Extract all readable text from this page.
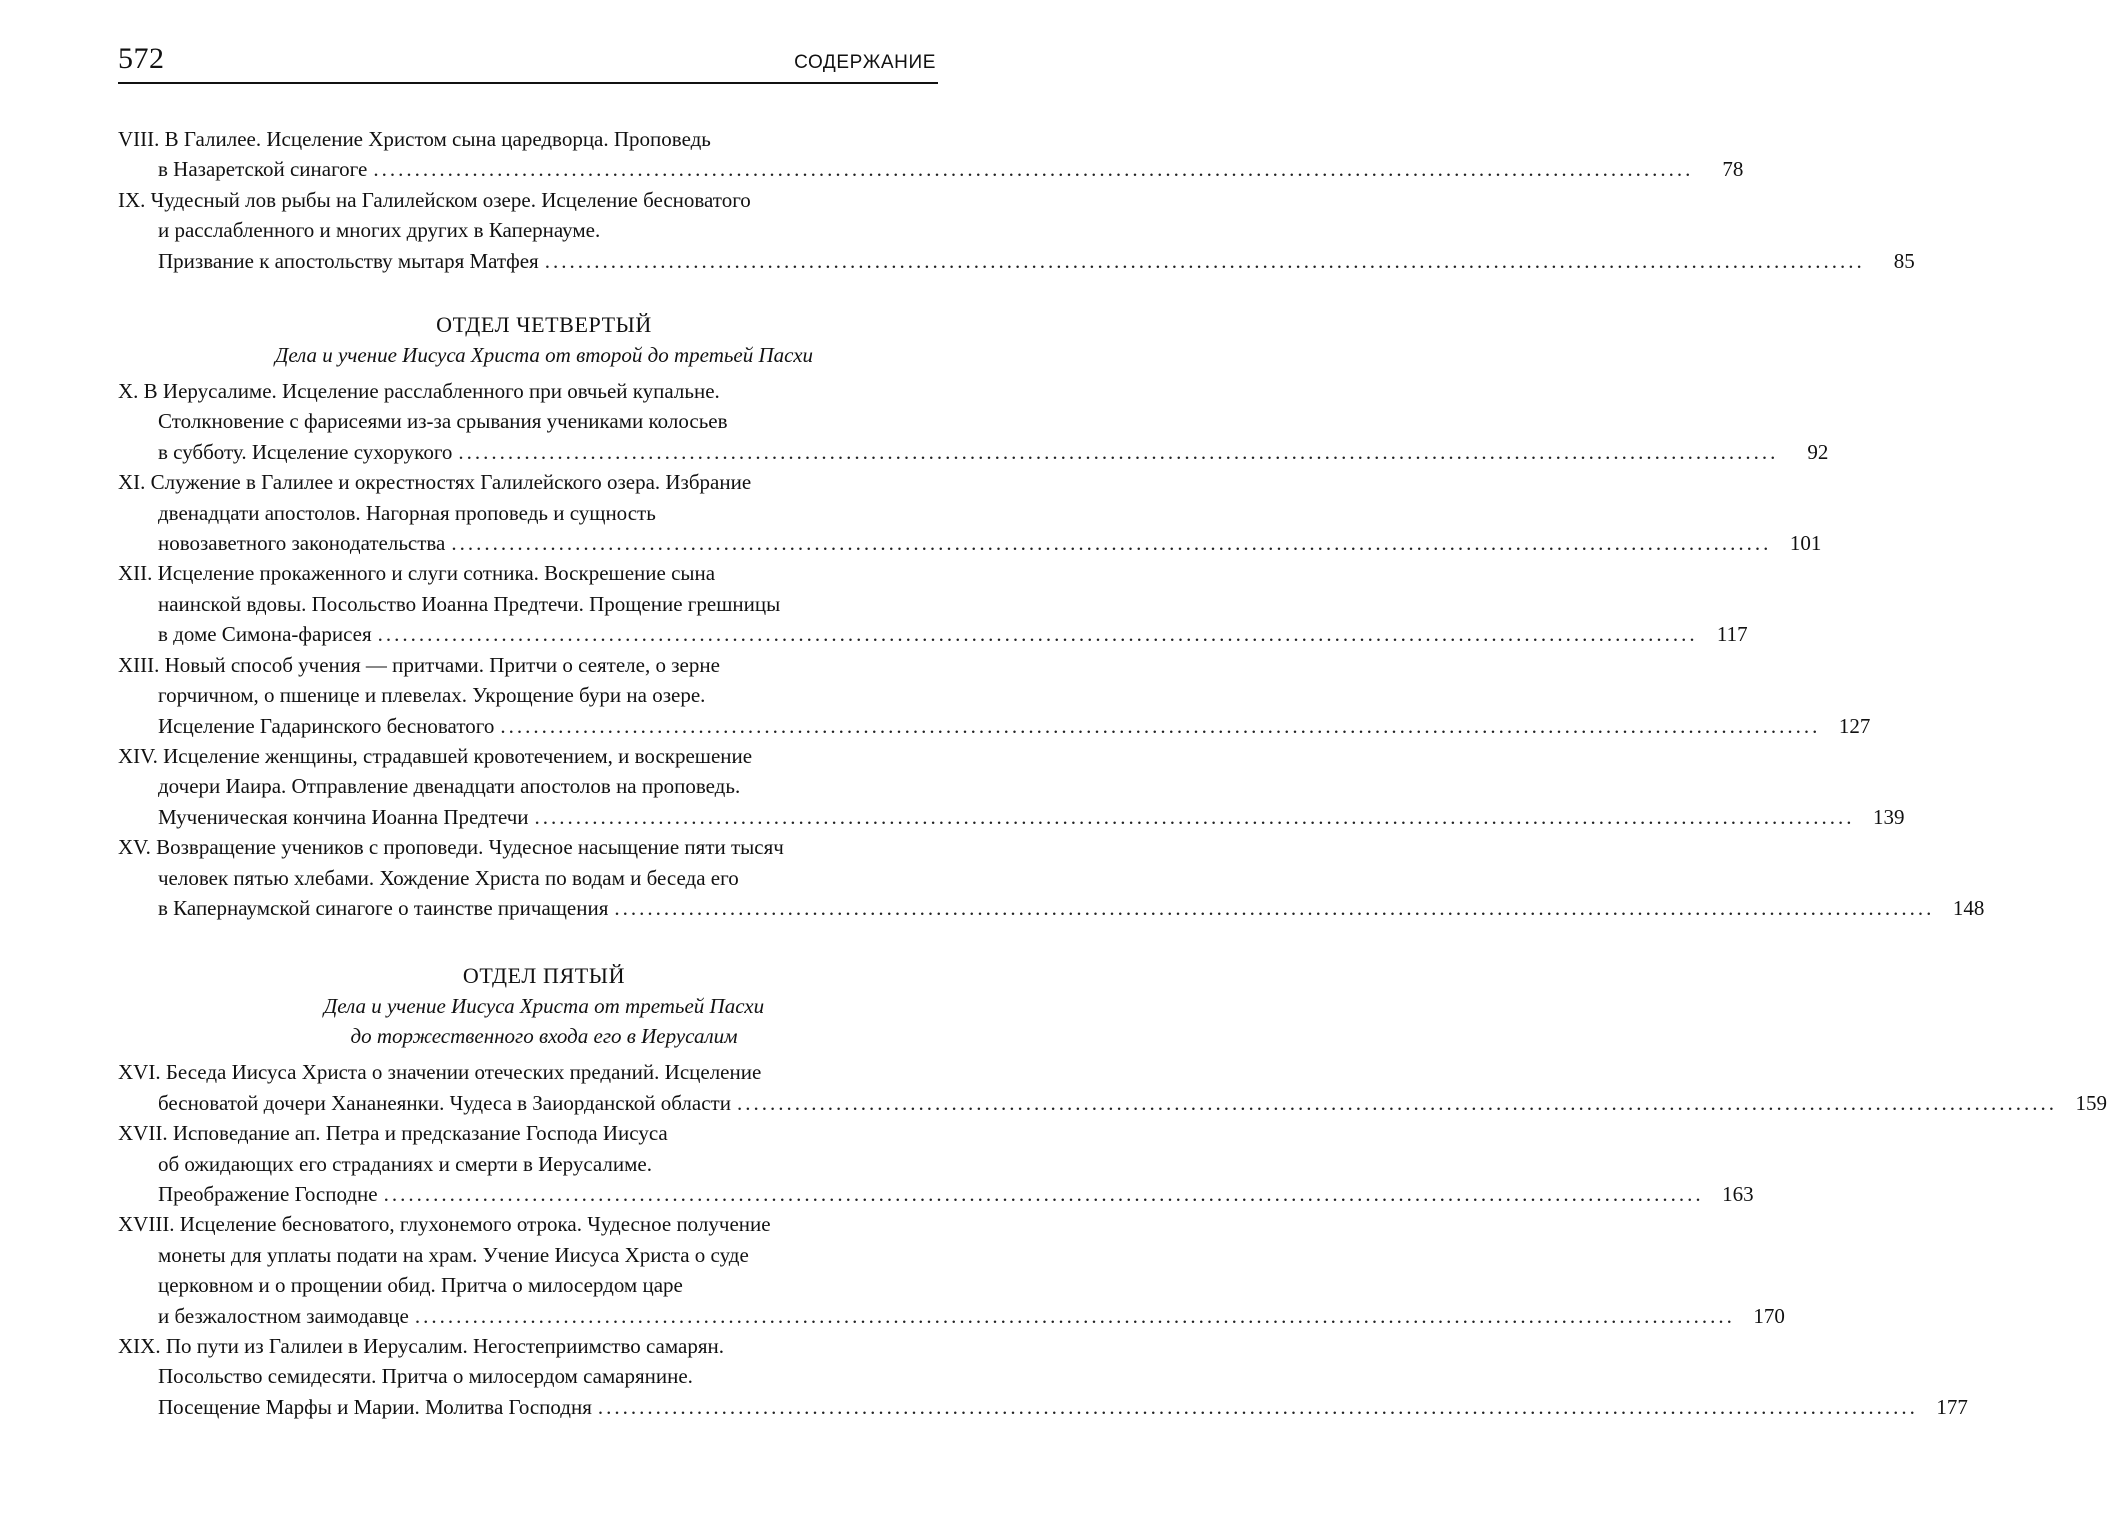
572	СОДЕРЖАНИЕ
VIII. В Галилее. Исцеление Христом сына царедворца. Проповедь
в Назаретской синагоге ................................................................................................................................................................	78
IX. Чудесный лов рыбы на Галилейском озере. Исцеление бесноватого
и расслабленного и многих других в Капернауме.
Призвание к апостольству мытаря Матфея ................................................................................................................................................................	85
ОТДЕЛ ЧЕТВЕРТЫЙ
Дела и учение Иисуса Христа от второй до третьей Пасхи
X. В Иерусалиме. Исцеление расслабленного при овчьей купальне.
Столкновение с фарисеями из-за срывания учениками колосьев
в субботу. Исцеление сухорукого ................................................................................................................................................................	92
XI. Служение в Галилее и окрестностях Галилейского озера. Избрание
двенадцати апостолов. Нагорная проповедь и сущность
новозаветного законодательства ................................................................................................................................................................ 101
XII. Исцеление прокаженного и слуги сотника. Воскрешение сына
наинской вдовы. Посольство Иоанна Предтечи. Прощение грешницы
в доме Симона-фарисея ................................................................................................................................................................ 117
XIII. Новый способ учения — притчами. Притчи о сеятеле, о зерне
горчичном, о пшенице и плевелах. Укрощение бури на озере.
Исцеление Гадаринского бесноватого ................................................................................................................................................................ 127
XIV. Исцеление женщины, страдавшей кровотечением, и воскрешение
дочери Иаира. Отправление двенадцати апостолов на проповедь.
Мученическая кончина Иоанна Предтечи ................................................................................................................................................................ 139
XV. Возвращение учеников с проповеди. Чудесное насыщение пяти тысяч
человек пятью хлебами. Хождение Христа по водам и беседа его
в Капернаумской синагоге о таинстве причащения ................................................................................................................................................................ 148
ОТДЕЛ ПЯТЫЙ
Дела и учение Иисуса Христа от третьей Пасхи
до торжественного входа его в Иерусалим
XVI. Беседа Иисуса Христа о значении отеческих преданий. Исцеление
бесноватой дочери Хананеянки. Чудеса в Заиорданской области ................................................................................................................................................................ 159
XVII. Исповедание ап. Петра и предсказание Господа Иисуса
об ожидающих его страданиях и смерти в Иерусалиме.
Преображение Господне ................................................................................................................................................................ 163
XVIII. Исцеление бесноватого, глухонемого отрока. Чудесное получение
монеты для уплаты подати на храм. Учение Иисуса Христа о суде
церковном и о прощении обид. Притча о милосердом царе
и безжалостном заимодавце ................................................................................................................................................................ 170
XIX. По пути из Галилеи в Иерусалим. Негостеприимство самарян.
Посольство семидесяти. Притча о милосердом самарянине.
Посещение Марфы и Марии. Молитва Господня ................................................................................................................................................................ 177
